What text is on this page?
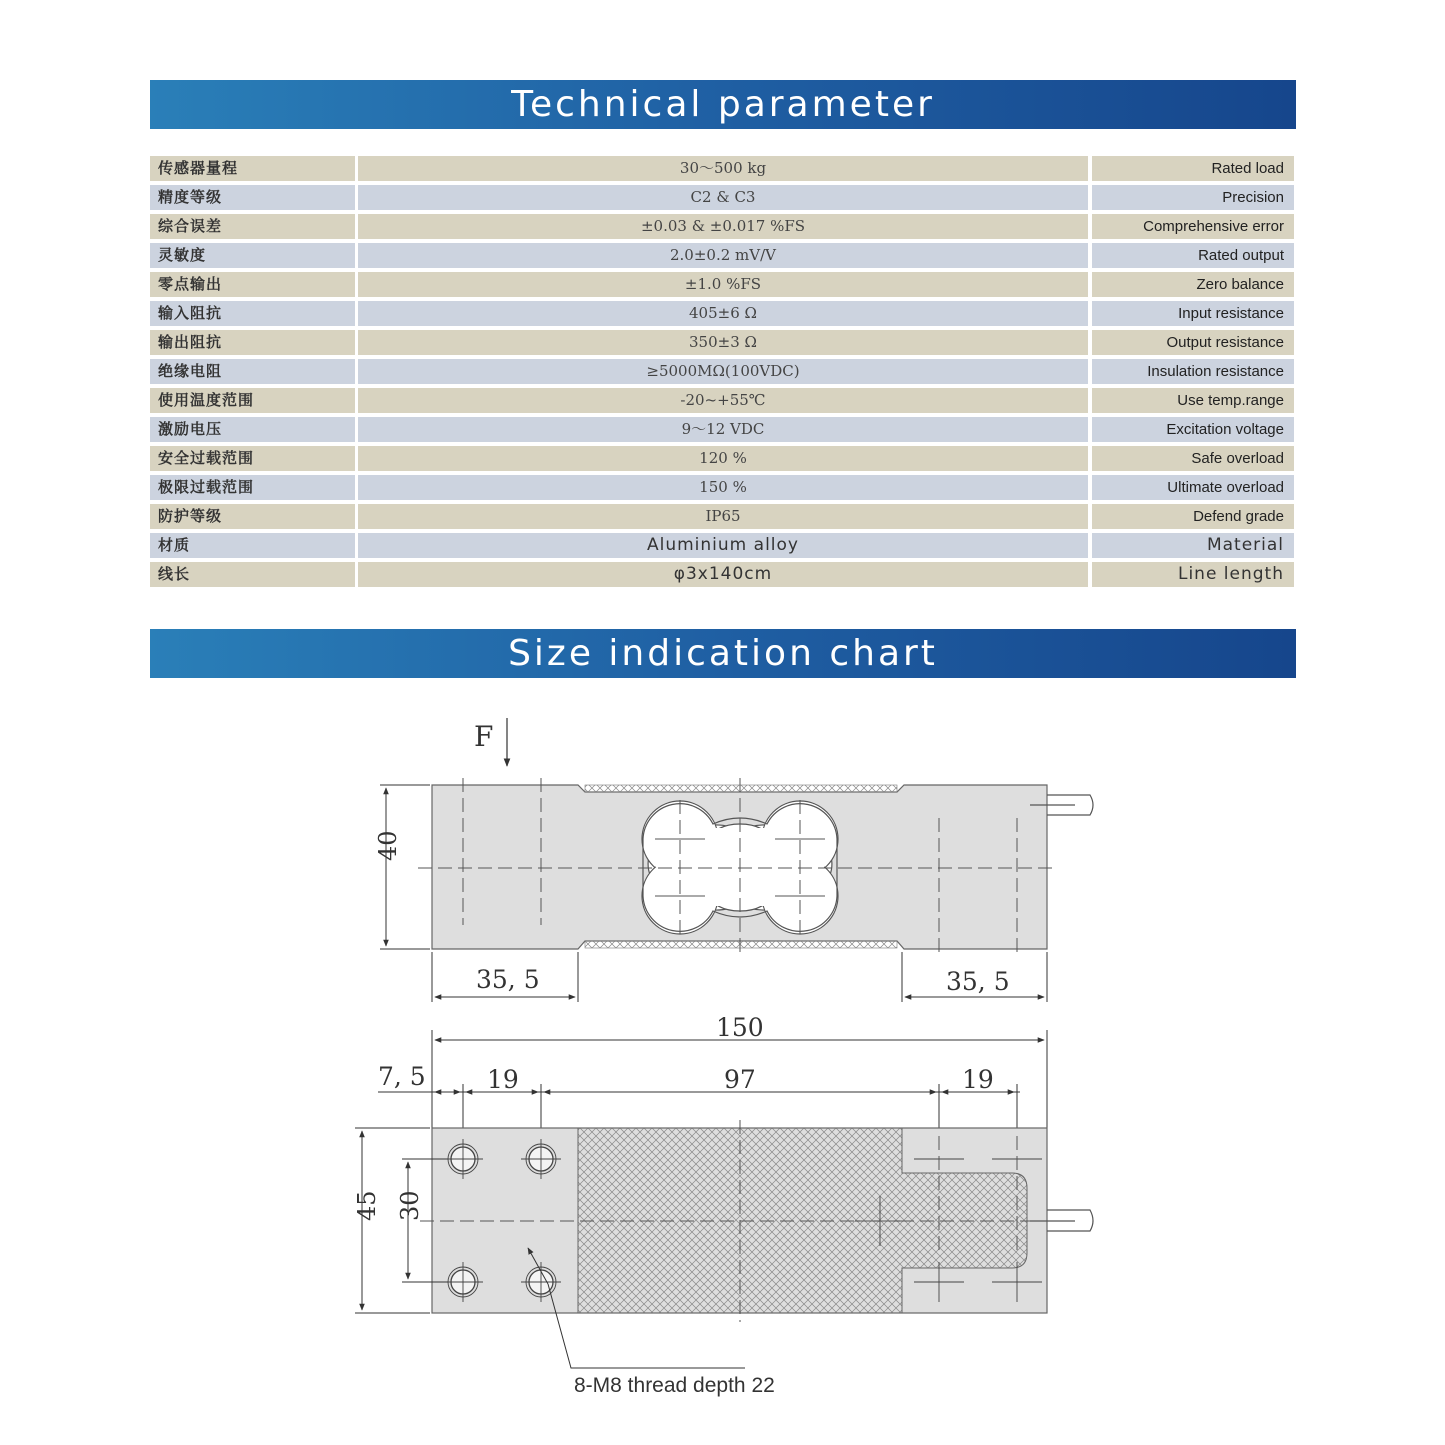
Technical parameter
传感器量程	30～500 kg	Rated load
精度等级	C2 & C3	Precision
综合误差	±0.03 & ±0.017 %FS	Comprehensive error
灵敏度	2.0±0.2 mV/V	Rated output
零点输出	±1.0 %FS	Zero balance
输入阻抗	405±6 Ω	Input resistance
输出阻抗	350±3 Ω	Output resistance
绝缘电阻	≥5000MΩ(100VDC)	Insulation resistance
使用温度范围	-20~+55℃	Use temp.range
激励电压	9～12 VDC	Excitation voltage
安全过载范围	120 %	Safe overload
极限过载范围	150 %	Ultimate overload
防护等级	IP65	Defend grade
材质	Aluminium alloy	Material
线长	φ3x140cm	Line length
Size indication chart
F
40
35, 5	35, 5
150
7, 5 19	97	19
45 30
8-M8 thread depth 22
